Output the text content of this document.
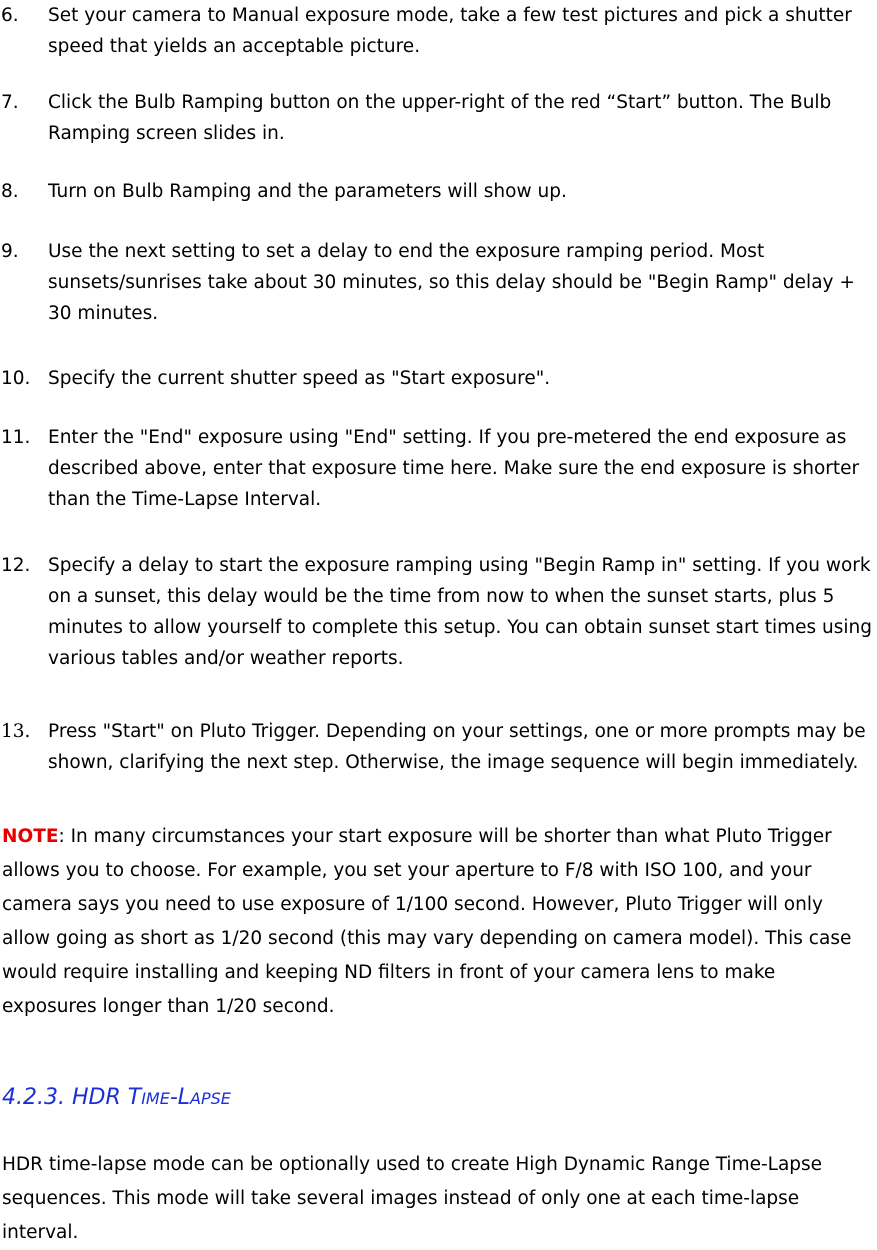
6.	Set your camera to Manual exposure mode, take a few test pictures and pick a shutter speed that yields an acceptable picture.
7.	Click the Bulb Ramping button on the upper-right of the red “Start” button. The Bulb Ramping screen slides in.
8.	Turn on Bulb Ramping and the parameters will show up.
9.	Use the next setting to set a delay to end the exposure ramping period. Most sunsets/sunrises take about 30 minutes, so this delay should be "Begin Ramp" delay + 30 minutes.
10. Specify the current shutter speed as "Start exposure".
11. Enter the "End" exposure using "End" setting. If you pre-metered the end exposure as described above, enter that exposure time here. Make sure the end exposure is shorter than the Time-Lapse Interval.
12. Specify a delay to start the exposure ramping using "Begin Ramp in" setting. If you work on a sunset, this delay would be the time from now to when the sunset starts, plus 5 minutes to allow yourself to complete this setup. You can obtain sunset start times using various tables and/or weather reports.
13. Press "Start" on Pluto Trigger. Depending on your settings, one or more prompts may be shown, clarifying the next step. Otherwise, the image sequence will begin immediately.
NOTE: In many circumstances your start exposure will be shorter than what Pluto Trigger allows you to choose. For example, you set your aperture to F/8 with ISO 100, and your camera says you need to use exposure of 1/100 second. However, Pluto Trigger will only allow going as short as 1/20 second (this may vary depending on camera model). This case would require installing and keeping ND filters in front of your camera lens to make exposures longer than 1/20 second.
4.2.3. HDR TIME-LAPSE
HDR time-lapse mode can be optionally used to create High Dynamic Range Time-Lapse sequences. This mode will take several images instead of only one at each time-lapse interval.
